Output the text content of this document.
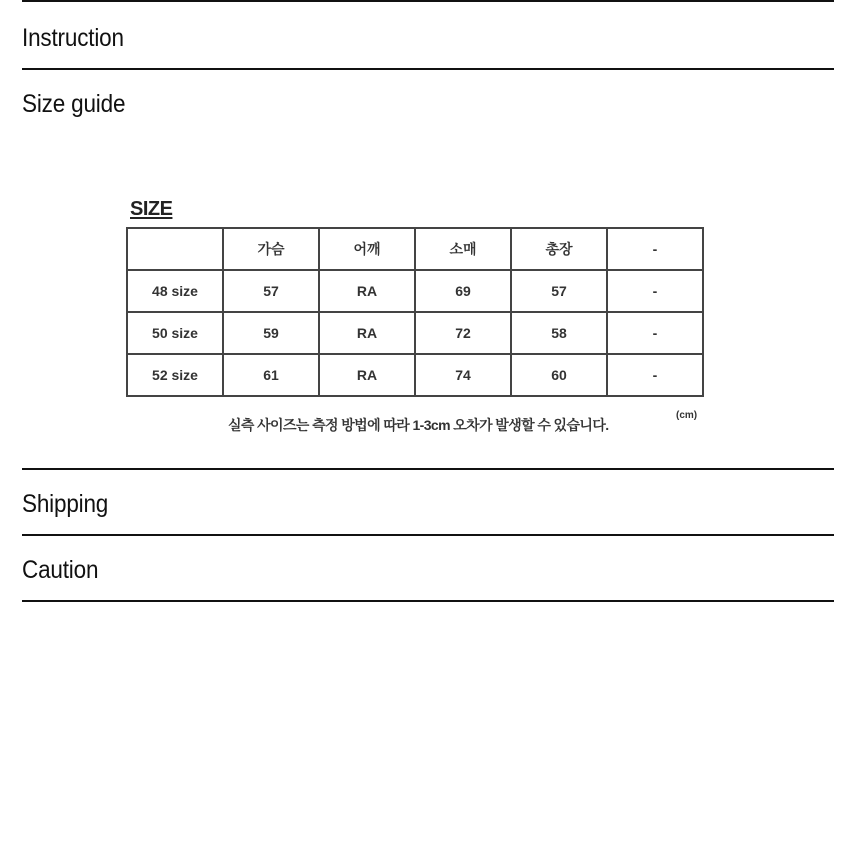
Instruction
Size guide
SIZE
	가슴	어깨	소매	총장	-
48 size	57	RA	69	57	-
50 size	59	RA	72	58	-
52 size	61	RA	74	60	-
실측 사이즈는 측정 방법에 따라 1-3cm 오차가 발생할 수 있습니다.
(cm)
Shipping
Caution
